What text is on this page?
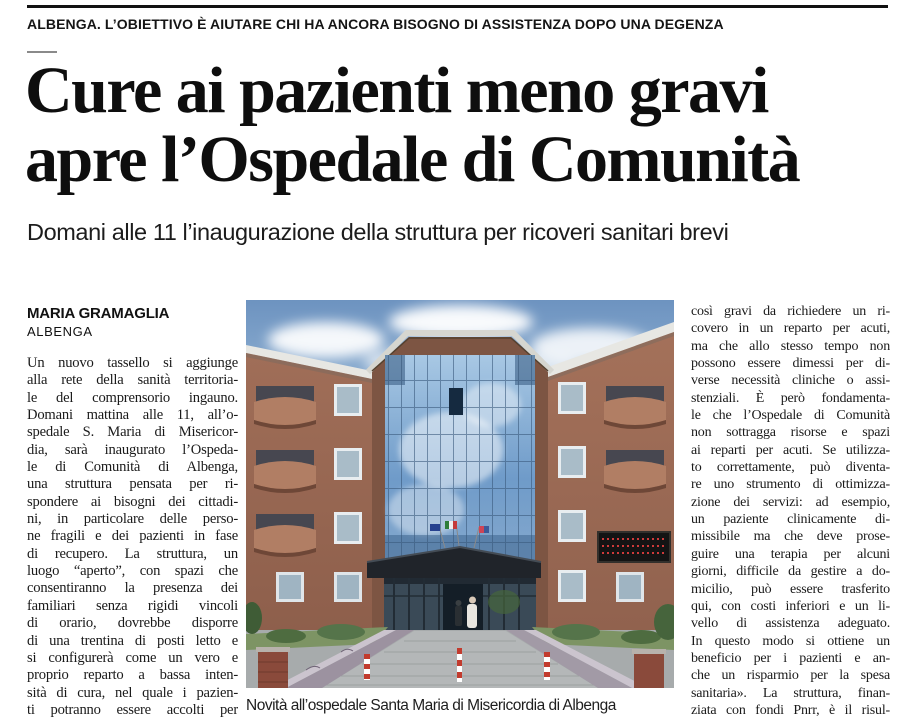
ALBENGA. L’OBIETTIVO È AIUTARE CHI HA ANCORA BISOGNO DI ASSISTENZA DOPO UNA DEGENZA
Cure ai pazienti meno gravi
apre l’Ospedale di Comunità
Domani alle 11 l’inaugurazione della struttura per ricoveri sanitari brevi
MARIA GRAMAGLIA
ALBENGA
Un nuovo tassello si aggiunge
alla rete della sanità territoria-
le del comprensorio ingauno.
Domani mattina alle 11, all’o-
spedale S. Maria di Misericor-
dia, sarà inaugurato l’Ospeda-
le di Comunità di Albenga,
una struttura pensata per ri-
spondere ai bisogni dei cittadi-
ni, in particolare delle perso-
ne fragili e dei pazienti in fase
di recupero. La struttura, un
luogo “aperto”, con spazi che
consentiranno la presenza dei
familiari senza rigidi vincoli
di orario, dovrebbe disporre
di una trentina di posti letto e
si configurerà come un vero e
proprio reparto a bassa inten-
sità di cura, nel quale i pazien-
ti potranno essere accolti per Novità all’ospedale Santa Maria di Misericordia di Albenga
così gravi da richiedere un ri-
covero in un reparto per acuti,
ma che allo stesso tempo non
possono essere dimessi per di-
verse necessità cliniche o assi-
stenziali. È però fondamenta-
le che l’Ospedale di Comunità
non sottragga risorse e spazi
ai reparti per acuti. Se utilizza-
to correttamente, può diventa-
re uno strumento di ottimizza-
zione dei servizi: ad esempio,
un paziente clinicamente di-
missibile ma che deve prose-
guire una terapia per alcuni
giorni, difficile da gestire a do-
micilio, può essere trasferito
qui, con costi inferiori e un li-
vello di assistenza adeguato.
In questo modo si ottiene un
beneficio per i pazienti e an-
che un risparmio per la spesa
sanitaria». La struttura, finan-
ziata con fondi Pnrr, è il risul-
